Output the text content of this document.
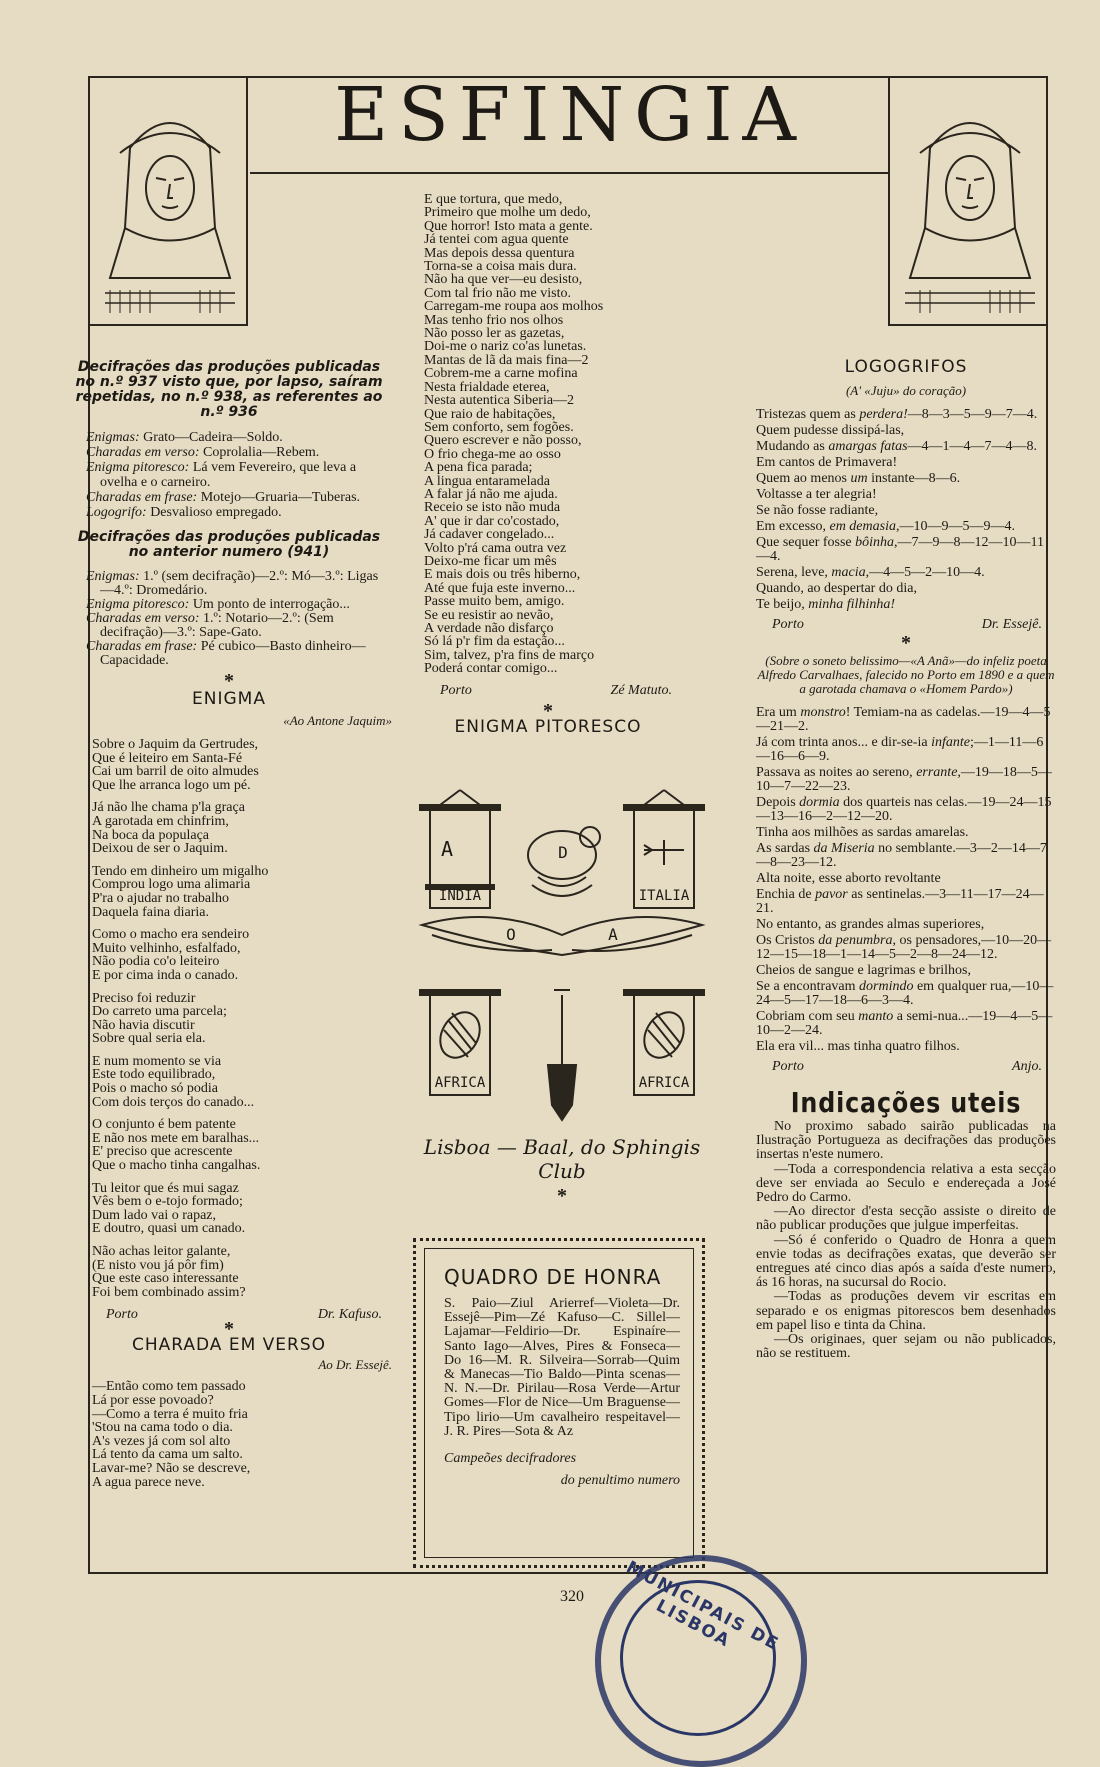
ESFINGIA
Decifrações das produções publicadas no n.º 937 visto que, por lapso, saíram repetidas, no n.º 938, as referentes ao n.º 936
Enigmas: Grato—Cadeira—Soldo.
Charadas em verso: Coprolalia—Rebem.
Enigma pitoresco: Lá vem Fevereiro, que leva a ovelha e o carneiro.
Charadas em frase: Motejo—Gruaria—Tuberas.
Logogrifo: Desvalioso empregado.
Decifrações das produções publicadas no anterior numero (941)
Enigmas: 1.º (sem decifração)—2.º: Mó—3.º: Ligas—4.º: Dromedário.
Enigma pitoresco: Um ponto de interrogação...
Charadas em verso: 1.º: Notario—2.º: (Sem decifração)—3.º: Sape-Gato.
Charadas em frase: Pé cubico—Basto dinheiro—Capacidade.
*
ENIGMA
«Ao Antone Jaquim»

Sobre o Jaquim da Gertrudes,
Que é leiteiro em Santa-Fé
Cai um barril de oito almudes
Que lhe arranca logo um pé.

Já não lhe chama p'la graça
A garotada em chinfrim,
Na boca da populaça
Deixou de ser o Jaquim.

Tendo em dinheiro um migalho
Comprou logo uma alimaria
P'ra o ajudar no trabalho
Daquela faina diaria.

Como o macho era sendeiro
Muito velhinho, esfalfado,
Não podia co'o leiteiro
E por cima inda o canado.

Preciso foi reduzir
Do carreto uma parcela;
Não havia discutir
Sobre qual seria ela.

E num momento se via
Este todo equilibrado,
Pois o macho só podia
Com dois terços do canado...

O conjunto é bem patente
E não nos mete em baralhas...
E' preciso que acrescente
Que o macho tinha cangalhas.

Tu leitor que és mui sagaz
Vês bem o e-tojo formado;
Dum lado vai o rapaz,
E doutro, quasi um canado.

Não achas leitor galante,
(E nisto vou já pôr fim)
Que este caso interessante
Foi bem combinado assim?

Porto	Dr. Kafuso.
*
CHARADA EM VERSO
Ao Dr. Essejê.

—Então como tem passado
Lá por esse povoado?
—Como a terra é muito fria
'Stou na cama todo o dia.
A's vezes já com sol alto
Lá tento da cama um salto.
Lavar-me? Não se descreve,
A agua parece neve.

E que tortura, que medo,
Primeiro que molhe um dedo,
Que horror! Isto mata a gente.
Já tentei com agua quente
Mas depois dessa quentura
Torna-se a coisa mais dura.
Não ha que ver—eu desisto,
Com tal frio não me visto.
Carregam-me roupa aos molhos
Mas tenho frio nos olhos
Não posso ler as gazetas,
Doi-me o nariz co'as lunetas.
Mantas de lã da mais fina—2
Cobrem-me a carne mofina
Nesta frialdade eterea,
Nesta autentica Siberia—2
Que raio de habitações,
Sem conforto, sem fogões.
Quero escrever e não posso,
O frio chega-me ao osso
A pena fica parada;
A lingua entaramelada
A falar já não me ajuda.
Receio se isto não muda
A' que ir dar co'costado,
Já cadaver congelado...
Volto p'rá cama outra vez
Deixo-me ficar um mês
E mais dois ou três hiberno,
Até que fuja este inverno...
Passe muito bem, amigo.
Se eu resistir ao nevão,
A verdade não disfarço
Só lá p'r fim da estação...
Sim, talvez, p'ra fins de março
Poderá contar comigo...

Porto	Zé Matuto.
*
ENIGMA PITORESCO
INDIA	ITALIA
AFRICA	AFRICA
A	D
O	A
Lisboa — Baal, do Sphingis Club
*
QUADRO DE HONRA
S. Paio—Ziul Arierref—Violeta—Dr. Essejê—Pim—Zé Kafuso—C. Sillel—Lajamar—Feldirio—Dr. Espinaíre—Santo Iago—Alves, Pires & Fonseca—Do 16—M. R. Silveira—Sorrab—Quim & Manecas—Tio Baldo—Pinta scenas—N. N.—Dr. Pirilau—Rosa Verde—Artur Gomes—Flor de Nice—Um Braguense—Tipo lirio—Um cavalheiro respeitavel—J. R. Pires—Sota & Az
Campeões decifradores
do penultimo numero
LOGOGRIFOS
(A' «Juju» do coração)
Tristezas quem as perdera!—8—3—5—9—7—4.
Quem pudesse dissipá-las,
Mudando as amargas fatas—4—1—4—7—4—8.
Em cantos de Primavera!
Quem ao menos um instante—8—6.
Voltasse a ter alegria!
Se não fosse radiante,
Em excesso, em demasia,—10—9—5—9—4.
Que sequer fosse bôinha,—7—9—8—12—10—11—4.
Serena, leve, macia,—4—5—2—10—4.
Quando, ao despertar do dia,
Te beijo, minha filhinha!
Porto	Dr. Essejê.
*
(Sobre o soneto belissimo—«A Anã»—do infeliz poeta Alfredo Carvalhaes, falecido no Porto em 1890 e a quem a garotada chamava o «Homem Pardo»)
Era um monstro! Temiam-na as cadelas.—19—4—5—21—2.
Já com trinta anos... e dir-se-ia infante;—1—11—6—16—6—9.
Passava as noites ao sereno, errante,—19—18—5—10—7—22—23.
Depois dormia dos quarteis nas celas.—19—24—15—13—16—2—12—20.
Tinha aos milhões as sardas amarelas.
As sardas da Miseria no semblante.—3—2—14—7—8—23—12.
Alta noite, esse aborto revoltante
Enchia de pavor as sentinelas.—3—11—17—24—21.
No entanto, as grandes almas superiores,
Os Cristos da penumbra, os pensadores,—10—20—12—15—18—1—14—5—2—8—24—12.
Cheios de sangue e lagrimas e brilhos,
Se a encontravam dormindo em qualquer rua,—10—24—5—17—18—6—3—4.
Cobriam com seu manto a semi-nua...—19—4—5—10—2—24.
Ela era vil... mas tinha quatro filhos.
Porto	Anjo.
Indicações uteis

No proximo sabado sairão publicadas na Ilustração Portugueza as decifrações das produções insertas n'este numero.

—Toda a correspondencia relativa a esta secção deve ser enviada ao Seculo e endereçada a José Pedro do Carmo.

—Ao director d'esta secção assiste o direito de não publicar produções que julgue imperfeitas.

—Só é conferido o Quadro de Honra a quem envie todas as decifrações exatas, que deverão ser entregues até cinco dias após a saída d'este numero, ás 16 horas, na sucursal do Rocio.

—Todas as produções devem vir escritas em separado e os enigmas pitorescos bem desenhados em papel liso e tinta da China.

—Os originaes, quer sejam ou não publicados, não se restituem.

320	MUNICIPAIS DE LISBOA
